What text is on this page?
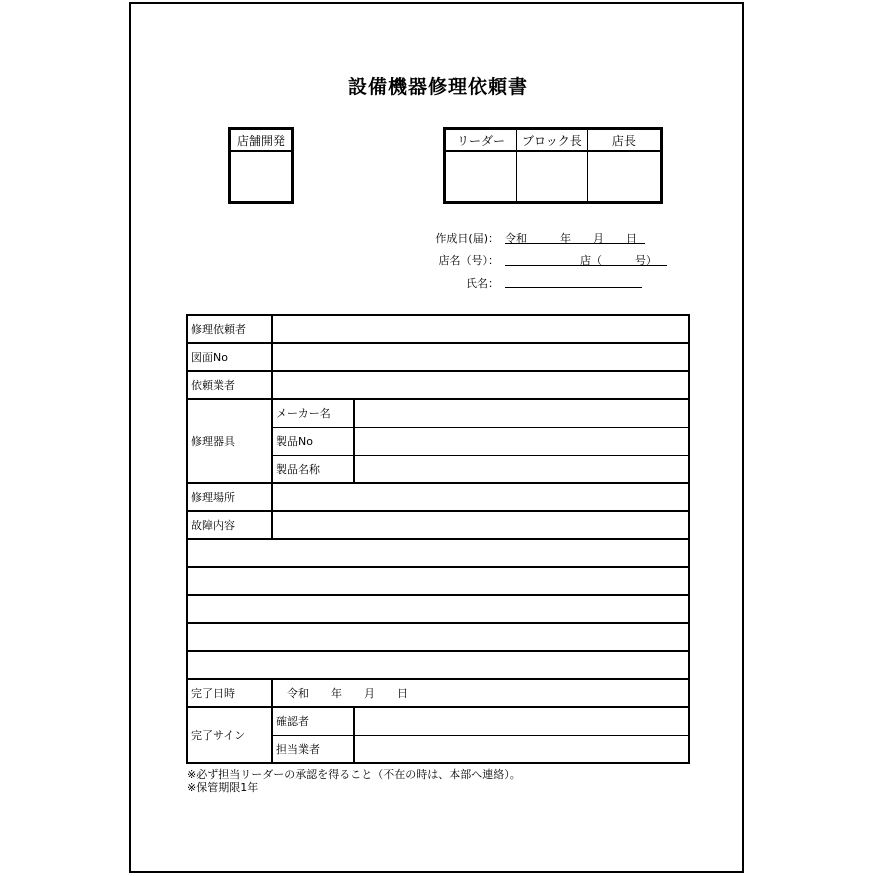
設備機器修理依頼書
店舗開発	リーダー	ブロック長	店長

作成日(届)： 令和　　　年　　月　　日
店名（号）：	店（　　　号）
氏名：
修理依頼者		
図面No		
依頼業者		
修理器具	メーカー名	
	製品No	
	製品名称	
修理場所		
故障内容		

完了日時	令和　　年　　月　　日	
完了サイン	確認者	
	担当業者	
※必ず担当リーダーの承認を得ること（不在の時は、本部へ連絡）。
※保管期限1年
